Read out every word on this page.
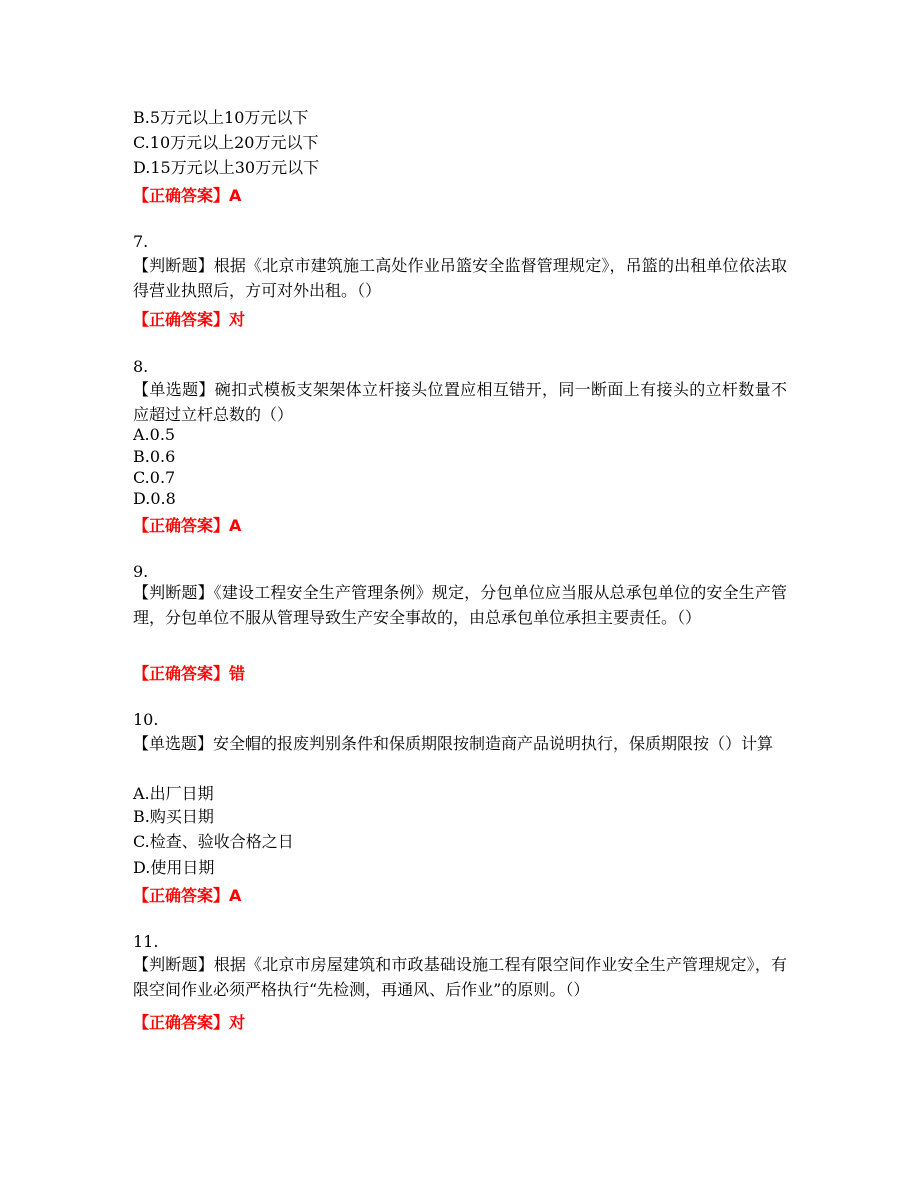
B.5万元以上10万元以下
C.10万元以上20万元以下
D.15万元以上30万元以下
【正确答案】A
7.
【判断题】根据《北京市建筑施工高处作业吊篮安全监督管理规定》，吊篮的出租单位依法取得营业执照后，方可对外出租。（）
【正确答案】对
8.
【单选题】碗扣式模板支架架体立杆接头位置应相互错开，同一断面上有接头的立杆数量不应超过立杆总数的（）
A.0.5
B.0.6
C.0.7
D.0.8
【正确答案】A
9.
【判断题】《建设工程安全生产管理条例》规定，分包单位应当服从总承包单位的安全生产管理，分包单位不服从管理导致生产安全事故的，由总承包单位承担主要责任。（）
【正确答案】错
10.
【单选题】安全帽的报废判别条件和保质期限按制造商产品说明执行，保质期限按（）计算
A.出厂日期
B.购买日期
C.检查、验收合格之日
D.使用日期
【正确答案】A
11.
【判断题】根据《北京市房屋建筑和市政基础设施工程有限空间作业安全生产管理规定》，有限空间作业必须严格执行“先检测，再通风、后作业”的原则。（）
【正确答案】对
